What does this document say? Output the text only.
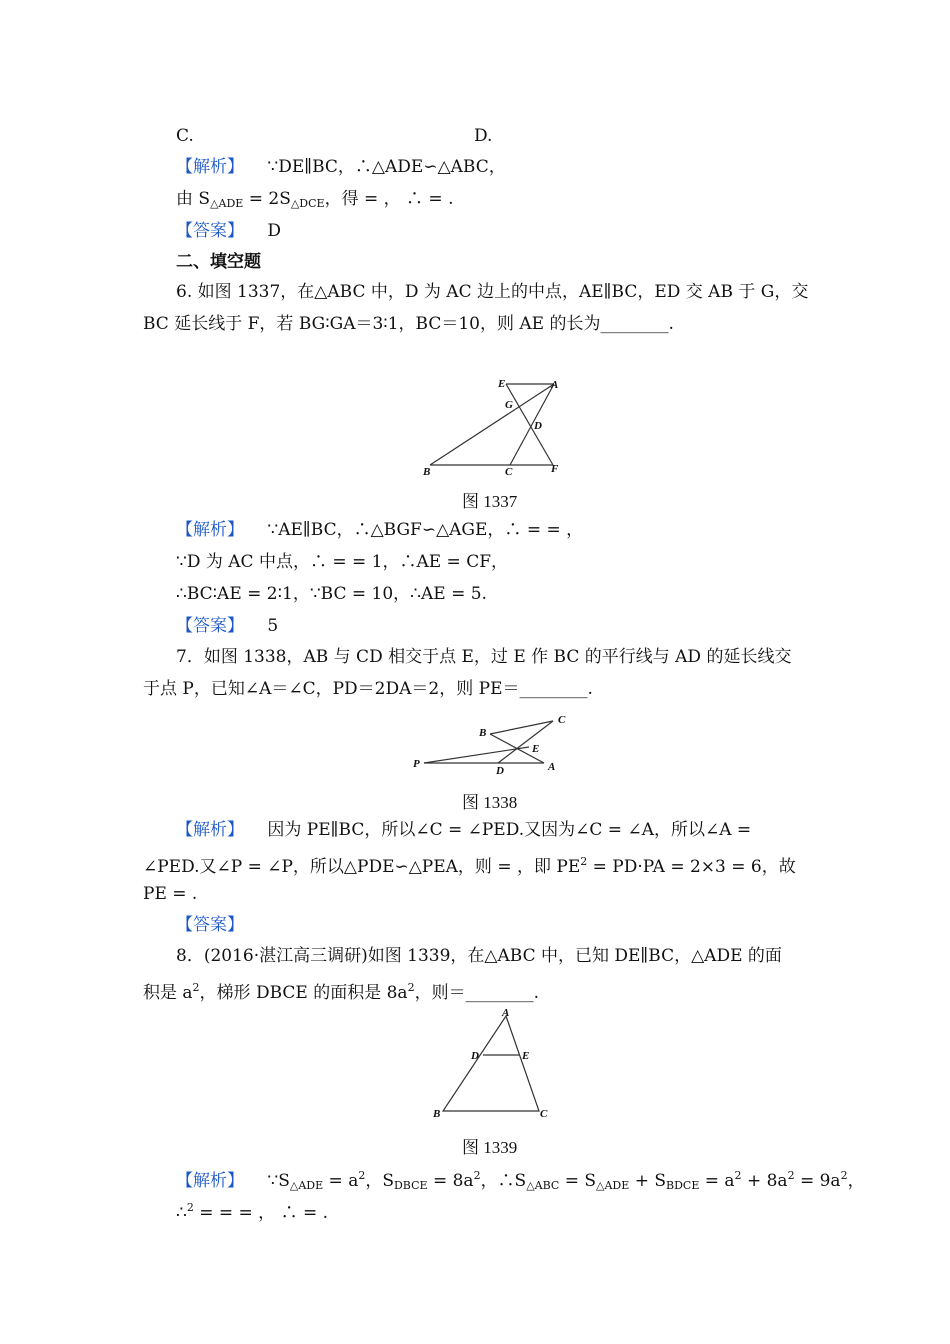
C.	D.
【解析】 ∵DE∥BC，∴△ADE∽△ABC，
由 $S_{\triangle ADE} = 2S_{\triangle DCE}$，得 = ， ∴ = .
【答案】 D
二、填空题
6. 如图 1337，在△ABC 中，D 为 AC 边上的中点，AE∥BC，ED 交 AB 于 G，交
BC 延长线于 F，若 BG∶GA＝3∶1，BC＝10，则 AE 的长为________.
E	A
G
D
B	C	F
图 1337
【解析】 ∵AE∥BC，∴△BGF∽△AGE，∴ = = ，
∵D 为 AC 中点，∴ = = 1，∴AE = CF，
∴BC∶AE = 2∶1，∵BC = 10，∴AE = 5.
【答案】 5
7．如图 1338，AB 与 CD 相交于点 E，过 E 作 BC 的平行线与 AD 的延长线交
于点 P，已知∠A＝∠C，PD＝2DA＝2，则 PE＝________.
B
C
E
P
D	A
图 1338
【解析】 因为 PE∥BC，所以∠C = ∠PED.又因为∠C = ∠A，所以∠A =
∠PED.又∠P = ∠P，所以△PDE∽△PEA，则 = ，即 $PE^2 = PD\cdot PA = 2\times 3 = 6$，故
PE = .
【答案】
8．(2016·湛江高三调研)如图 1339，在△ABC 中，已知 DE∥BC，△ADE 的面
积是 $a^2$，梯形 DBCE 的面积是 $8a^2$，则＝________.
A
D	E
B	C
图 1339
【解析】 $\because S_{\triangle ADE} = a^2$，$S_{DBCE} = 8a^2$，$\therefore S_{\triangle ABC} = S_{\triangle ADE} + S_{BDCE} = a^2 + 8a^2 = 9a^2$，
∴$^2$ = = = ， ∴ = .
